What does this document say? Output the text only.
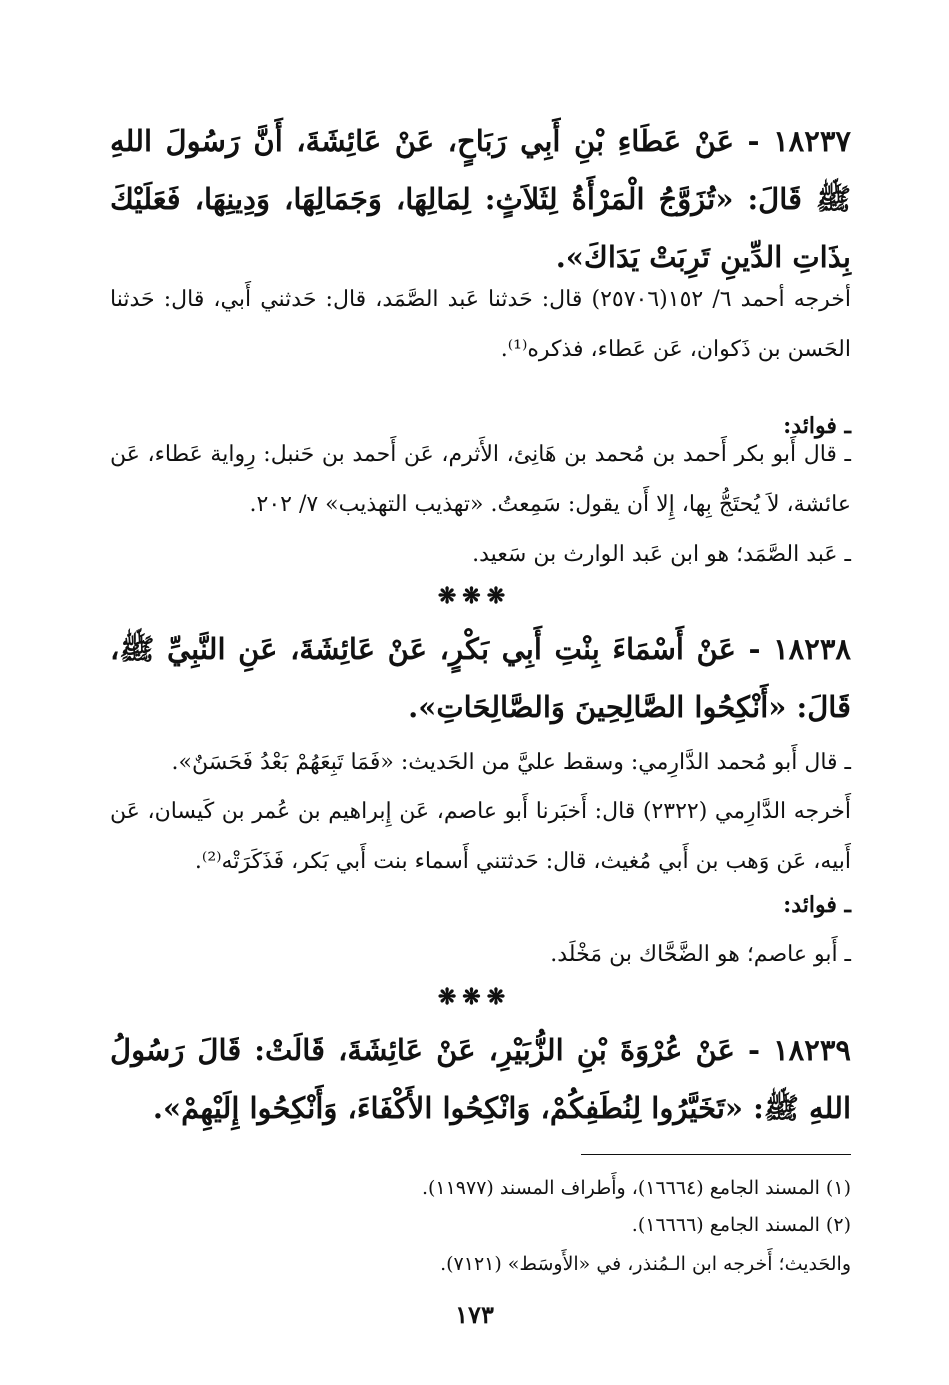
١٨٢٣٧ - عَنْ عَطَاءِ بْنِ أَبِي رَبَاحٍ، عَنْ عَائِشَةَ، أَنَّ رَسُولَ اللهِ ﷺ قَالَ: «تُزَوَّجُ الْمَرْأَةُ لِثَلاَثٍ: لِمَالِهَا، وَجَمَالِهَا، وَدِينِهَا، فَعَلَيْكَ بِذَاتِ الدِّينِ تَرِبَتْ يَدَاكَ».
أخرجه أحمد ٦/ ١٥٢(٢٥٧٠٦) قال: حَدثنا عَبد الصَّمَد، قال: حَدثني أَبي، قال: حَدثنا الحَسن بن ذَكوان، عَن عَطاء، فذكره⁽¹⁾.
ـ فوائد:
ـ قال أَبو بكر أَحمد بن مُحمد بن هَانِئ، الأَثرم، عَن أَحمد بن حَنبل: رِواية عَطاء، عَن عائشة، لاَ يُحتَجُّ بِها، إِلا أَن يقول: سَمِعتُ. «تهذيب التهذيب» ٧/ ٢٠٢.
ـ عَبد الصَّمَد؛ هو ابن عَبد الوارث بن سَعيد.
❋❋❋
١٨٢٣٨ - عَنْ أَسْمَاءَ بِنْتِ أَبِي بَكْرٍ، عَنْ عَائِشَةَ، عَنِ النَّبِيِّ ﷺ، قَالَ: «أَنْكِحُوا الصَّالِحِينَ وَالصَّالِحَاتِ».
ـ قال أَبو مُحمد الدَّارِمي: وسقط عليَّ من الحَديث: «فَمَا تَبِعَهُمْ بَعْدُ فَحَسَنٌ».
أَخرجه الدَّارِمي (٢٣٢٢) قال: أَخبَرنا أَبو عاصم، عَن إِبراهيم بن عُمر بن كَيسان، عَن أَبيه، عَن وَهب بن أَبي مُغيث، قال: حَدثتني أَسماء بنت أَبي بَكر، فَذَكَرَتْه⁽²⁾.
ـ فوائد:
ـ أَبو عاصم؛ هو الضَّحَّاك بن مَخْلَد.
❋❋❋
١٨٢٣٩ - عَنْ عُرْوَةَ بْنِ الزُّبَيْرِ، عَنْ عَائِشَةَ، قَالَتْ: قَالَ رَسُولُ اللهِ ﷺ: «تَخَيَّرُوا لِنُطَفِكُمْ، وَانْكِحُوا الأَكْفَاءَ، وَأَنْكِحُوا إِلَيْهِمْ».
(١) المسند الجامع (١٦٦٦٤)، وأَطراف المسند (١١٩٧٧).
(٢) المسند الجامع (١٦٦٦٦).
والحَديث؛ أَخرجه ابن الـمُنذر، في «الأَوسَط» (٧١٢١).
١٧٣
